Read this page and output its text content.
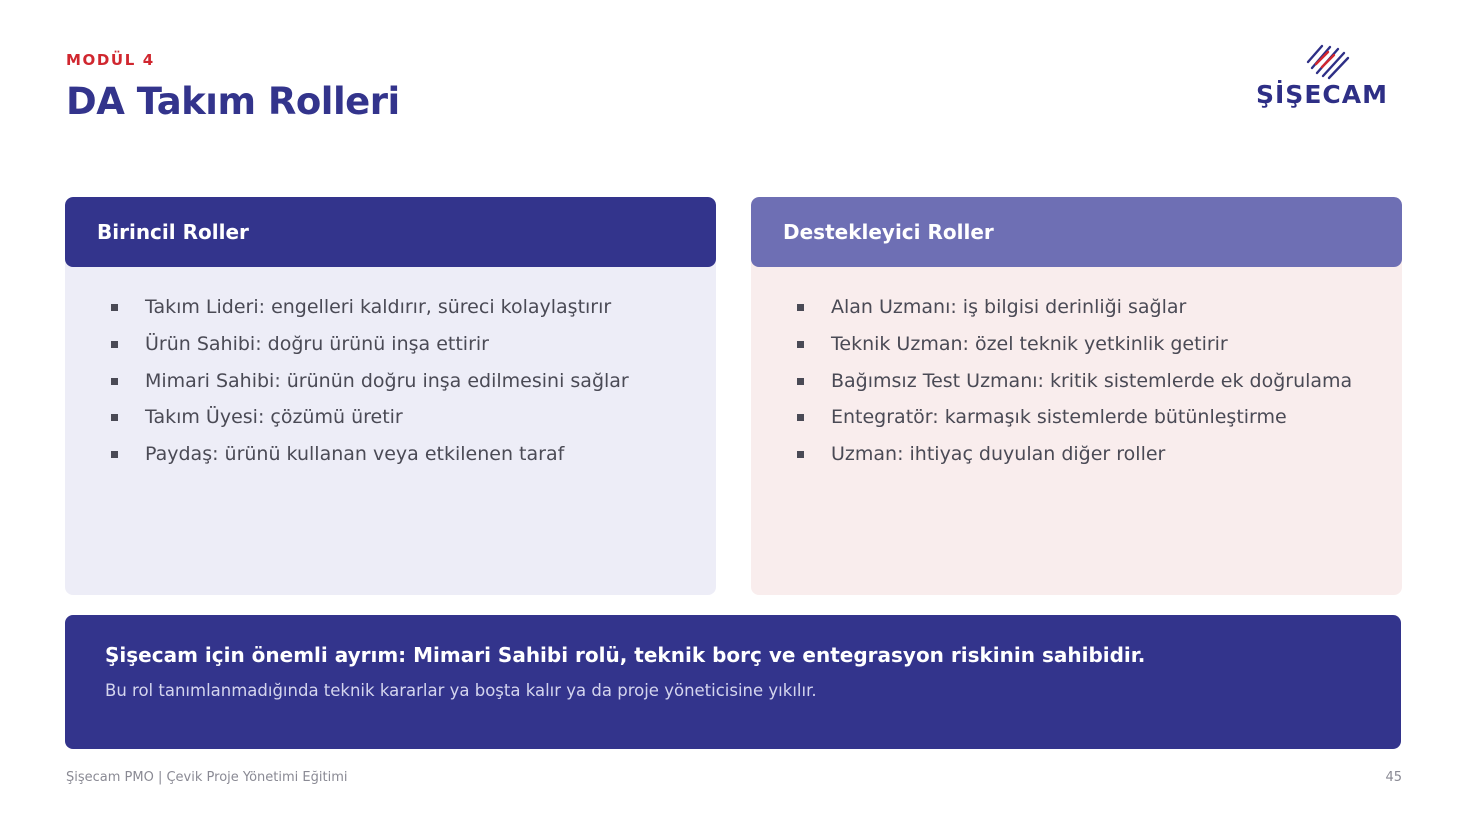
MODÜL 4
DA Takım Rolleri	ŞİŞECAM
Birincil Roller
Takım Lideri: engelleri kaldırır, süreci kolaylaştırır
Ürün Sahibi: doğru ürünü inşa ettirir
Mimari Sahibi: ürünün doğru inşa edilmesini sağlar
Takım Üyesi: çözümü üretir
Paydaş: ürünü kullanan veya etkilenen taraf
Destekleyici Roller
Alan Uzmanı: iş bilgisi derinliği sağlar
Teknik Uzman: özel teknik yetkinlik getirir
Bağımsız Test Uzmanı: kritik sistemlerde ek doğrulama
Entegratör: karmaşık sistemlerde bütünleştirme
Uzman: ihtiyaç duyulan diğer roller
Şişecam için önemli ayrım: Mimari Sahibi rolü, teknik borç ve entegrasyon riskinin sahibidir.
Bu rol tanımlanmadığında teknik kararlar ya boşta kalır ya da proje yöneticisine yıkılır.
Şişecam PMO | Çevik Proje Yönetimi Eğitimi	45
